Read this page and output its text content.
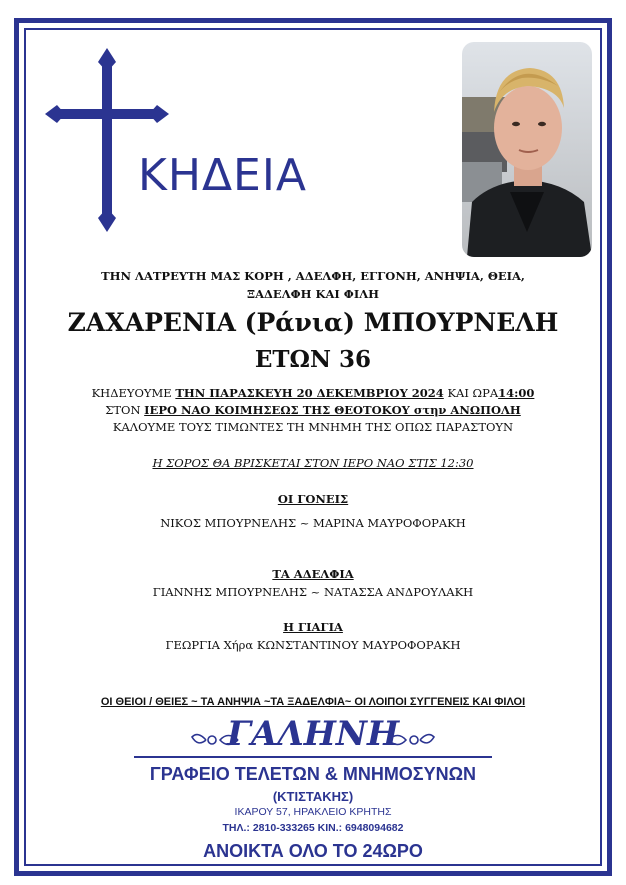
ΚΗΔΕΙΑ
ΤΗΝ ΛΑΤΡΕΥΤΗ ΜΑΣ ΚΟΡΗ , ΑΔΕΛΦΗ, ΕΓΓΟΝΗ, ΑΝΗΨΙΑ, ΘΕΙΑ,
ΞΑΔΕΛΦΗ ΚΑΙ ΦΙΛΗ
ΖΑΧΑΡΕΝΙΑ (Ράνια) ΜΠΟΥΡΝΕΛΗ
ΕΤΩΝ 36
ΚΗΔΕΥΟΥΜΕ ΤΗΝ ΠΑΡΑΣΚΕΥΗ 20 ΔΕΚΕΜΒΡΙΟΥ 2024 ΚΑΙ ΩΡΑ14:00
ΣΤΟΝ ΙΕΡΟ ΝΑΟ ΚΟΙΜΗΣΕΩΣ ΤΗΣ ΘΕΟΤΟΚΟΥ στην ΑΝΩΠΟΛΗ
ΚΑΛΟΥΜΕ ΤΟΥΣ ΤΙΜΩΝΤΕΣ ΤΗ ΜΝΗΜΗ ΤΗΣ ΟΠΩΣ ΠΑΡΑΣΤΟΥΝ
Η ΣΟΡΟΣ ΘΑ ΒΡΙΣΚΕΤΑΙ ΣΤΟΝ ΙΕΡΟ ΝΑΟ ΣΤΙΣ 12:30
ΟΙ ΓΟΝΕΙΣ
ΝΙΚΟΣ ΜΠΟΥΡΝΕΛΗΣ ~ ΜΑΡΙΝΑ ΜΑΥΡΟΦΟΡΑΚΗ
ΤΑ ΑΔΕΛΦΙΑ
ΓΙΑΝΝΗΣ ΜΠΟΥΡΝΕΛΗΣ ~ ΝΑΤΑΣΣΑ ΑΝΔΡΟΥΛΑΚΗ
Η ΓΙΑΓΙΑ
ΓΕΩΡΓΙΑ Χήρα ΚΩΝΣΤΑΝΤΙΝΟΥ ΜΑΥΡΟΦΟΡΑΚΗ
ΟΙ ΘΕΙΟΙ / ΘΕΙΕΣ ~ ΤΑ ΑΝΗΨΙΑ ~ΤΑ ΞΑΔΕΛΦΙΑ~ ΟΙ ΛΟΙΠΟΙ ΣΥΓΓΕΝΕΙΣ ΚΑΙ ΦΙΛΟΙ
ΓΑΛΗΝΗ
ΓΡΑΦΕΙΟ ΤΕΛΕΤΩΝ & ΜΝΗΜΟΣΥΝΩΝ
(ΚΤΙΣΤΑΚΗΣ)
ΙΚΑΡΟΥ 57, ΗΡΑΚΛΕΙΟ ΚΡΗΤΗΣ
ΤΗΛ.: 2810-333265 ΚΙΝ.: 6948094682
ΑΝΟΙΚΤΑ ΟΛΟ ΤΟ 24ΩΡΟ
